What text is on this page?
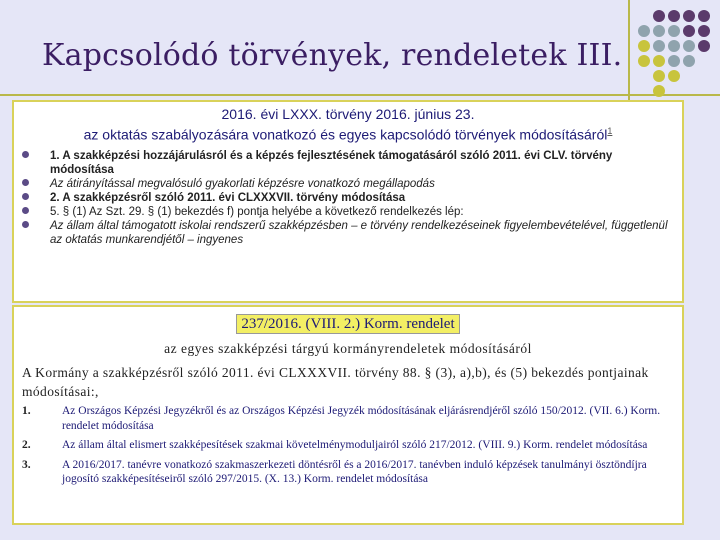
Kapcsolódó törvények, rendeletek III.
2016. évi LXXX. törvény 2016. június 23.
az oktatás szabályozására vonatkozó és egyes kapcsolódó törvények módosításáról$^1$
1. A szakképzési hozzájárulásról és a képzés fejlesztésének támogatásáról szóló 2011. évi CLV. törvény módosítása
Az átirányítással megvalósuló gyakorlati képzésre vonatkozó megállapodás
2. A szakképzésről szóló 2011. évi CLXXXVII. törvény módosítása
5. § (1) Az Szt. 29. § (1) bekezdés f) pontja helyébe a következő rendelkezés lép:
Az állam által támogatott iskolai rendszerű szakképzésben – e törvény rendelkezéseinek figyelembevételével, függetlenül az oktatás munkarendjétől – ingyenes
237/2016. (VIII. 2.) Korm. rendelet
az egyes szakképzési tárgyú kormányrendeletek módosításáról
A Kormány a szakképzésről szóló 2011. évi CLXXXVII. törvény 88. § (3), a),b), és (5) bekezdés pontjainak módosításai:,
1.	Az Országos Képzési Jegyzékről és az Országos Képzési Jegyzék módosításának eljárásrendjéről szóló 150/2012. (VII. 6.) Korm. rendelet módosítása
2.	Az állam által elismert szakképesítések szakmai követelménymoduljairól szóló 217/2012. (VIII. 9.) Korm. rendelet módosítása
3.	A 2016/2017. tanévre vonatkozó szakmaszerkezeti döntésről és a 2016/2017. tanévben induló képzések tanulmányi ösztöndíjra jogosító szakképesítéseiről szóló 297/2015. (X. 13.) Korm. rendelet módosítása
